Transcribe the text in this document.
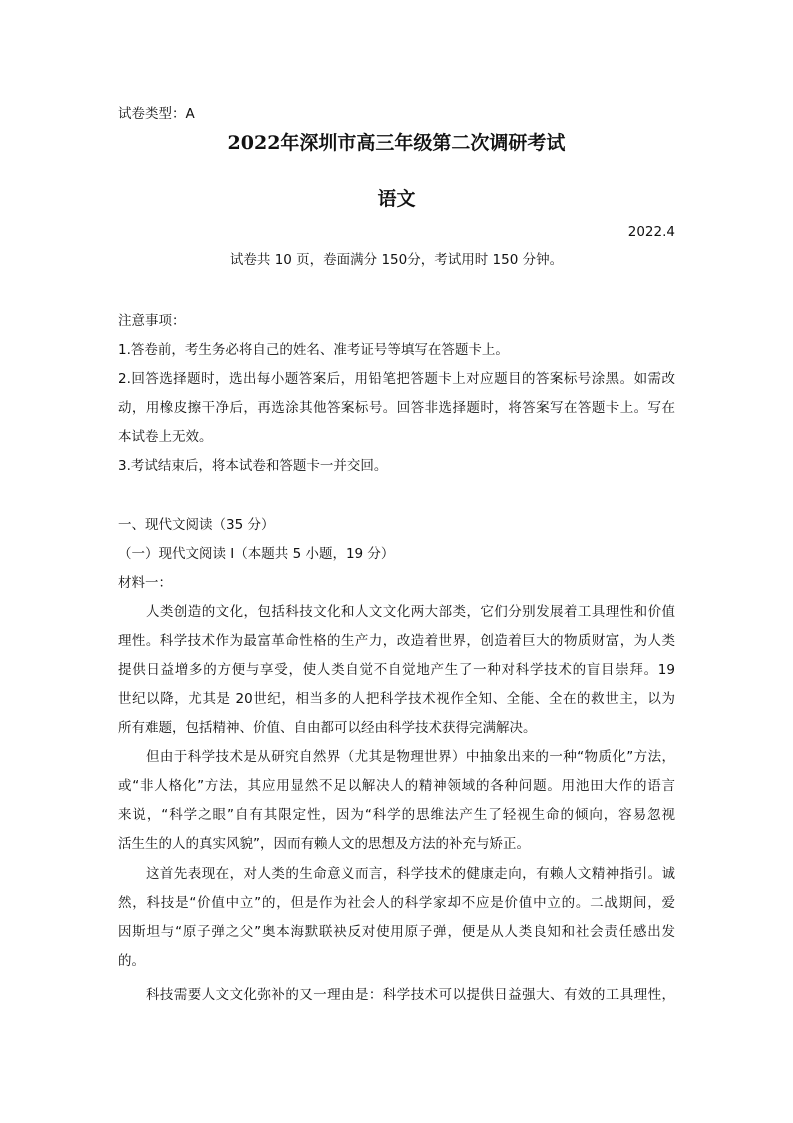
试卷类型：A
2022年深圳市高三年级第二次调研考试
语文
2022.4
试卷共 10 页，卷面满分 150分，考试用时 150 分钟。
注意事项：
1.答卷前，考生务必将自己的姓名、准考证号等填写在答题卡上。
2.回答选择题时，选出每小题答案后，用铅笔把答题卡上对应题目的答案标号涂黑。如需改
动，用橡皮擦干净后，再选涂其他答案标号。回答非选择题时，将答案写在答题卡上。写在
本试卷上无效。
3.考试结束后，将本试卷和答题卡一并交回。
一、现代文阅读（35 分）
（一）现代文阅读 I（本题共 5 小题，19 分）
材料一：
人类创造的文化，包括科技文化和人文文化两大部类，它们分别发展着工具理性和价值
理性。科学技术作为最富革命性格的生产力，改造着世界，创造着巨大的物质财富，为人类
提供日益增多的方便与享受，使人类自觉不自觉地产生了一种对科学技术的盲目崇拜。19
世纪以降，尤其是 20世纪，相当多的人把科学技术视作全知、全能、全在的救世主，以为
所有难题，包括精神、价值、自由都可以经由科学技术获得完满解决。
但由于科学技术是从研究自然界（尤其是物理世界）中抽象出来的一种“物质化”方法，
或“非人格化”方法，其应用显然不足以解决人的精神领域的各种问题。用池田大作的语言
来说，“科学之眼”自有其限定性，因为“科学的思维法产生了轻视生命的倾向，容易忽视
活生生的人的真实风貌”，因而有赖人文的思想及方法的补充与矫正。
这首先表现在，对人类的生命意义而言，科学技术的健康走向，有赖人文精神指引。诚
然，科技是“价值中立”的，但是作为社会人的科学家却不应是价值中立的。二战期间，爱
因斯坦与“原子弹之父”奥本海默联袂反对使用原子弹，便是从人类良知和社会责任感出发
的。
科技需要人文文化弥补的又一理由是：科学技术可以提供日益强大、有效的工具理性，
